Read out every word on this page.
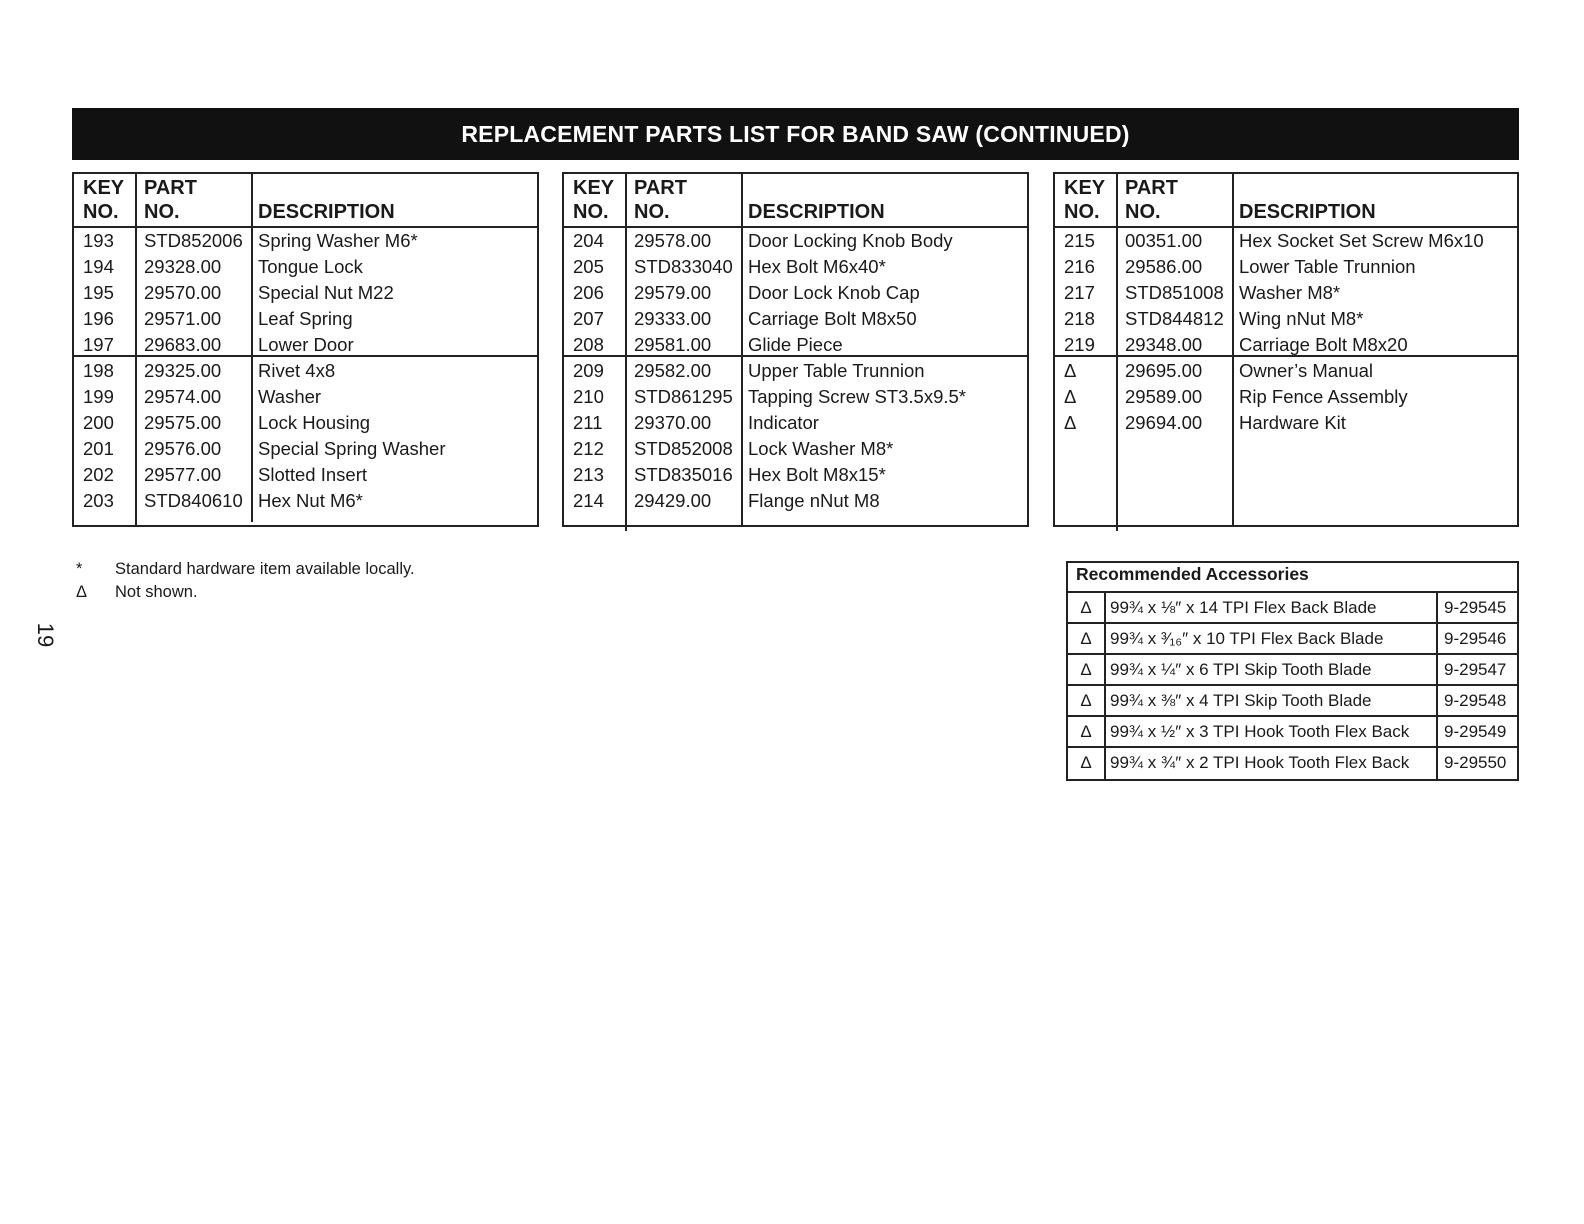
REPLACEMENT PARTS LIST FOR BAND SAW (CONTINUED)
KEY
NO.
PART
NO.	DESCRIPTION
193 STD852006 Spring Washer M6*
194 29328.00 Tongue Lock
195 29570.00 Special Nut M22
196 29571.00 Leaf Spring
197 29683.00 Lower Door
198 29325.00 Rivet 4x8
199 29574.00 Washer
200 29575.00 Lock Housing
201 29576.00 Special Spring Washer
202 29577.00 Slotted Insert
203 STD840610 Hex Nut M6*
KEY
NO.
PART
NO.	DESCRIPTION
204 29578.00 Door Locking Knob Body
205 STD833040 Hex Bolt M6x40*
206 29579.00 Door Lock Knob Cap
207 29333.00 Carriage Bolt M8x50
208 29581.00 Glide Piece
209 29582.00 Upper Table Trunnion
210 STD861295 Tapping Screw ST3.5x9.5*
211 29370.00 Indicator
212 STD852008 Lock Washer M8*
213 STD835016 Hex Bolt M8x15*
214 29429.00 Flange nNut M8
KEY
NO.
PART
NO.	DESCRIPTION
215 00351.00 Hex Socket Set Screw M6x10
216 29586.00 Lower Table Trunnion
217 STD851008 Washer M8*
218 STD844812 Wing nNut M8*
219 29348.00 Carriage Bolt M8x20
Δ	29695.00 Owner’s Manual
Δ	29589.00 Rip Fence Assembly
Δ	29694.00 Hardware Kit
*	Standard hardware item available locally.
Δ	Not shown.
19
Recommended Accessories
Δ	99¾ x ⅛″ x 14 TPI Flex Back Blade	9-29545
Δ	99¾ x ³⁄₁₆″ x 10 TPI Flex Back Blade	9-29546
Δ	99¾ x ¼″ x 6 TPI Skip Tooth Blade	9-29547
Δ	99¾ x ⅜″ x 4 TPI Skip Tooth Blade	9-29548
Δ	99¾ x ½″ x 3 TPI Hook Tooth Flex Back	9-29549
Δ	99¾ x ¾″ x 2 TPI Hook Tooth Flex Back	9-29550
